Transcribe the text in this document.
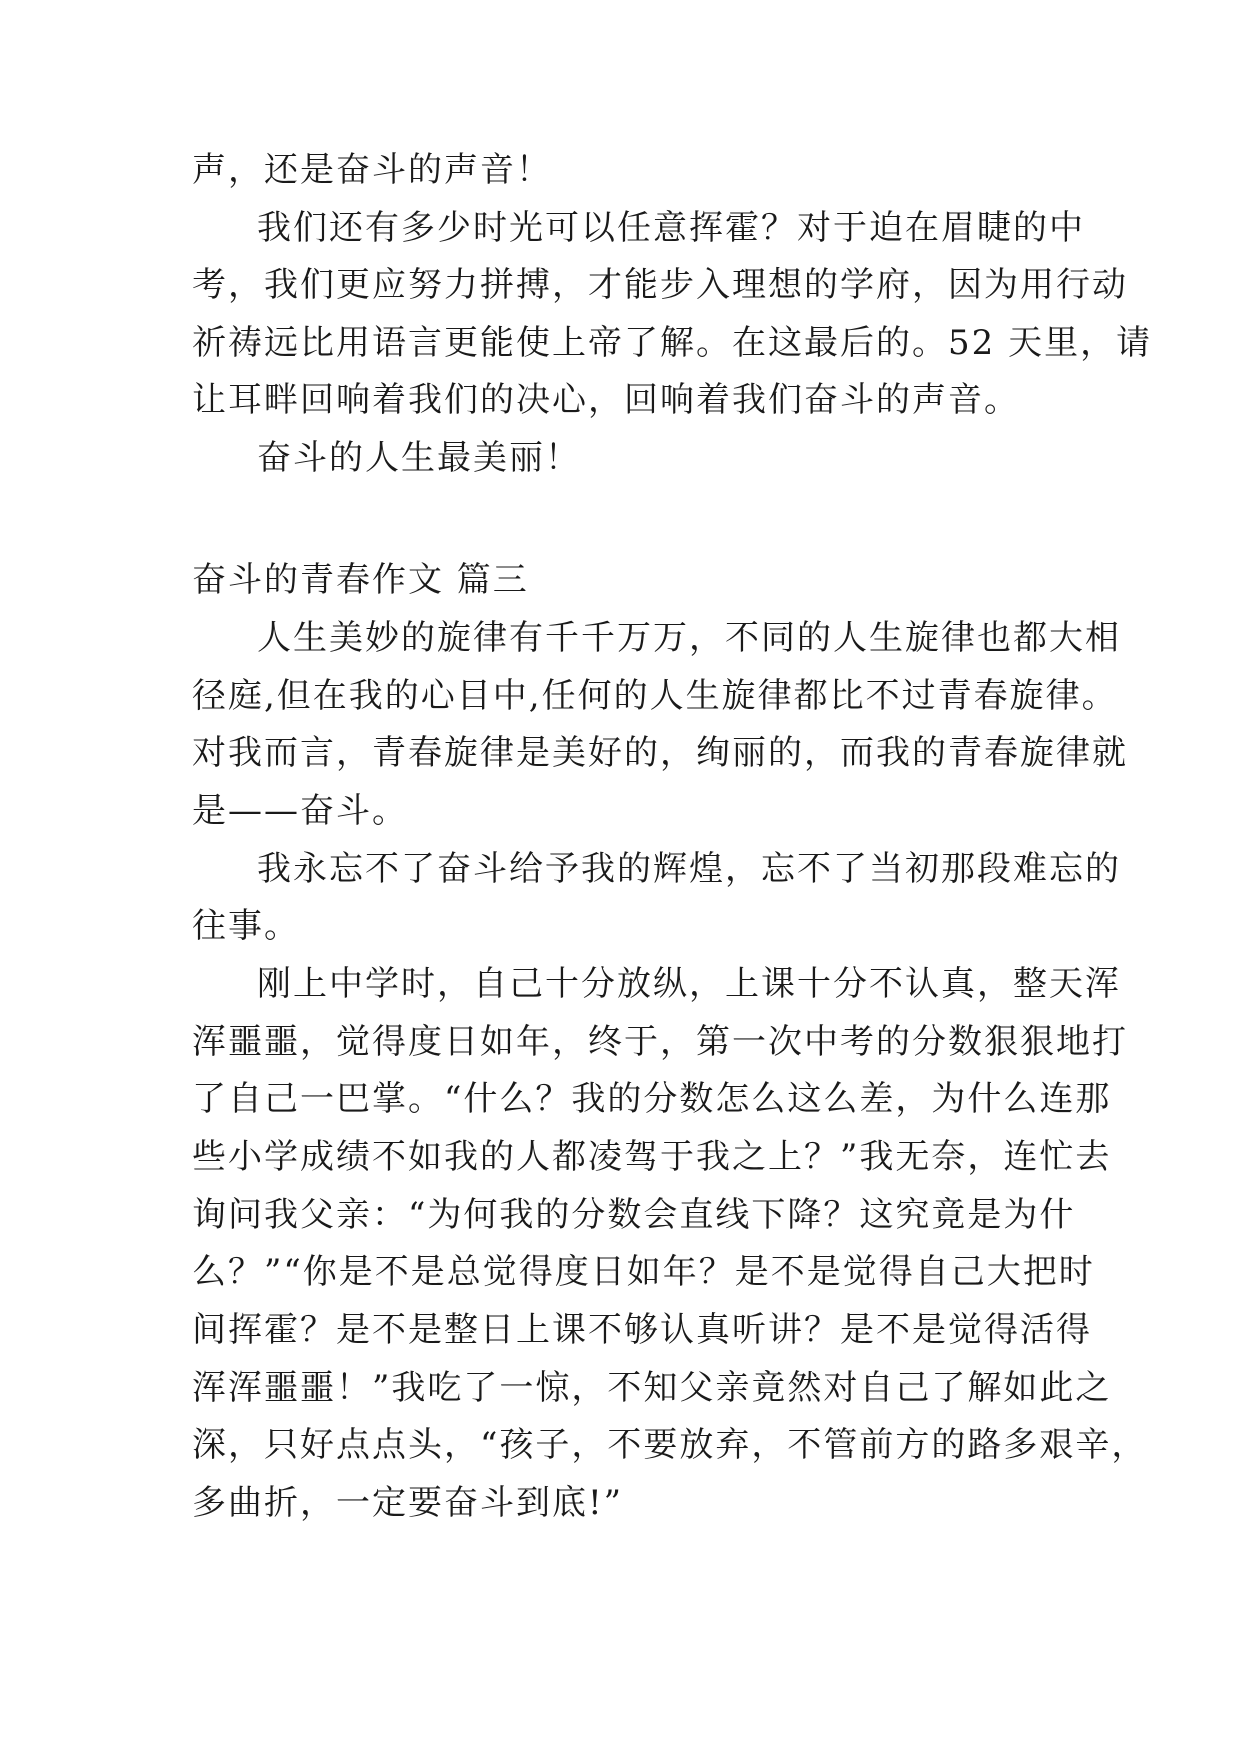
声，还是奋斗的声音！
我们还有多少时光可以任意挥霍？对于迫在眉睫的中
考，我们更应努力拼搏，才能步入理想的学府，因为用行动
祈祷远比用语言更能使上帝了解。在这最后的。52 天里，请
让耳畔回响着我们的决心，回响着我们奋斗的声音。
奋斗的人生最美丽！
奋斗的青春作文 篇三
人生美妙的旋律有千千万万，不同的人生旋律也都大相
径庭,但在我的心目中,任何的人生旋律都比不过青春旋律。
对我而言，青春旋律是美好的，绚丽的，而我的青春旋律就
是——奋斗。
我永忘不了奋斗给予我的辉煌，忘不了当初那段难忘的
往事。
刚上中学时，自己十分放纵，上课十分不认真，整天浑
浑噩噩，觉得度日如年，终于，第一次中考的分数狠狠地打
了自己一巴掌。“什么？我的分数怎么这么差，为什么连那
些小学成绩不如我的人都凌驾于我之上？”我无奈，连忙去
询问我父亲：“为何我的分数会直线下降？这究竟是为什
么？”“你是不是总觉得度日如年？是不是觉得自己大把时
间挥霍？是不是整日上课不够认真听讲？是不是觉得活得
浑浑噩噩！”我吃了一惊，不知父亲竟然对自己了解如此之
深，只好点点头，“孩子，不要放弃，不管前方的路多艰辛，
多曲折，一定要奋斗到底!”
